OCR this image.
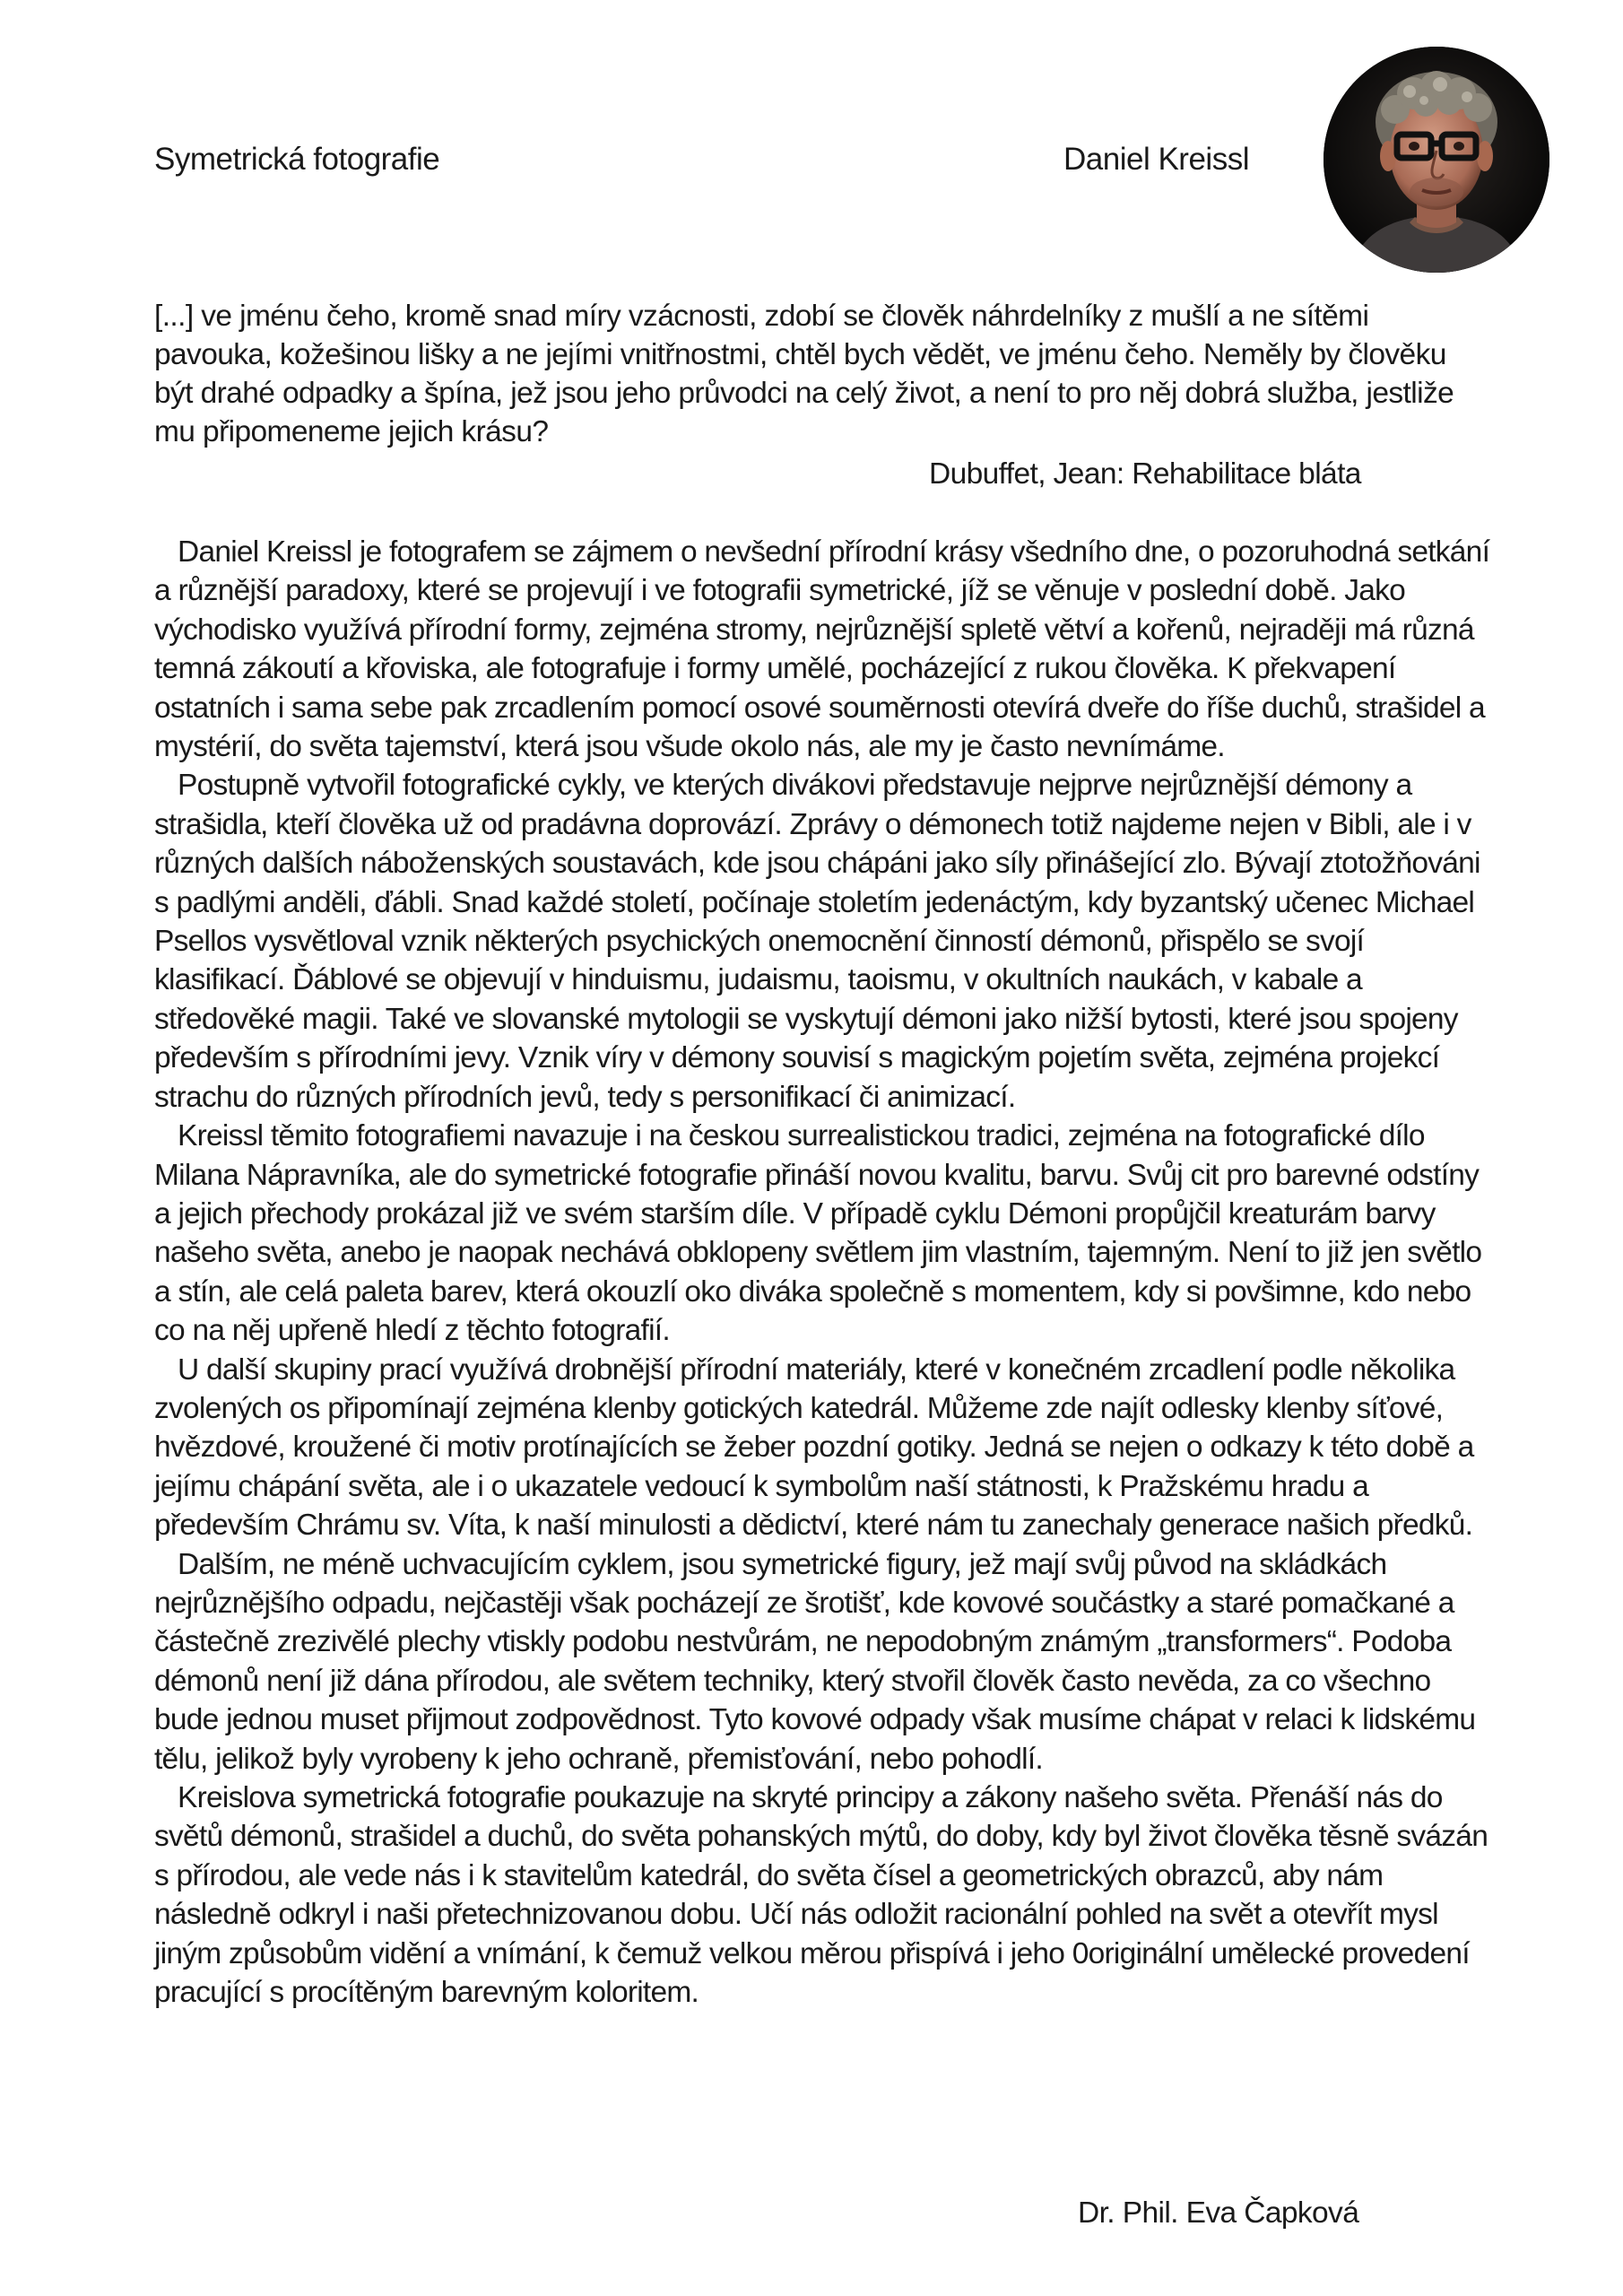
Symetrická fotografie	Daniel Kreissl

[...] ve jménu čeho, kromě snad míry vzácnosti, zdobí se člověk náhrdelníky z mušlí a ne sítěmi pavouka, kožešinou lišky a ne jejími vnitřnostmi, chtěl bych vědět, ve jménu čeho. Neměly by člověku být drahé odpadky a špína, jež jsou jeho průvodci na celý život, a není to pro něj dobrá služba, jestliže mu připomeneme jejich krásu?

Dubuffet, Jean: Rehabilitace bláta

Daniel Kreissl je fotografem se zájmem o nevšední přírodní krásy všedního dne, o pozoruhodná setkání a různější paradoxy, které se projevují i ve fotografii symetrické, jíž se věnuje v poslední době. Jako východisko využívá přírodní formy, zejména stromy, nejrůznější spletě větví a kořenů, nejraději má různá temná zákoutí a křoviska, ale fotografuje i formy umělé, pocházející z rukou člověka. K překvapení ostatních i sama sebe pak zrcadlením pomocí osové souměrnosti otevírá dveře do říše duchů, strašidel a mystérií, do světa tajemství, která jsou všude okolo nás, ale my je často nevnímáme.

Postupně vytvořil fotografické cykly, ve kterých divákovi představuje nejprve nejrůznější démony a strašidla, kteří člověka už od pradávna doprovází. Zprávy o démonech totiž najdeme nejen v Bibli, ale i v různých dalších náboženských soustavách, kde jsou chápáni jako síly přinášející zlo. Bývají ztotožňováni s padlými anděli, ďábli. Snad každé století, počínaje stoletím jedenáctým, kdy byzantský učenec Michael Psellos vysvětloval vznik některých psychických onemocnění činností démonů, přispělo se svojí klasifikací. Ďáblové se objevují v hinduismu, judaismu, taoismu, v okultních naukách, v kabale a středověké magii. Také ve slovanské mytologii se vyskytují démoni jako nižší bytosti, které jsou spojeny především s přírodními jevy. Vznik víry v démony souvisí s magickým pojetím světa, zejména projekcí strachu do různých přírodních jevů, tedy s personifikací či animizací.

Kreissl těmito fotografiemi navazuje i na českou surrealistickou tradici, zejména na fotografické dílo Milana Nápravníka, ale do symetrické fotografie přináší novou kvalitu, barvu. Svůj cit pro barevné odstíny a jejich přechody prokázal již ve svém starším díle. V případě cyklu Démoni propůjčil kreaturám barvy našeho světa, anebo je naopak nechává obklopeny světlem jim vlastním, tajemným. Není to již jen světlo a stín, ale celá paleta barev, která okouzlí oko diváka společně s momentem, kdy si povšimne, kdo nebo co na něj upřeně hledí z těchto fotografií.

U další skupiny prací využívá drobnější přírodní materiály, které v konečném zrcadlení podle několika zvolených os připomínají zejména klenby gotických katedrál. Můžeme zde najít odlesky klenby síťové, hvězdové, kroužené či motiv protínajících se žeber pozdní gotiky. Jedná se nejen o odkazy k této době a jejímu chápání světa, ale i o ukazatele vedoucí k symbolům naší státnosti, k Pražskému hradu a především Chrámu sv. Víta, k naší minulosti a dědictví, které nám tu zanechaly generace našich předků.

Dalším, ne méně uchvacujícím cyklem, jsou symetrické figury, jež mají svůj původ na skládkách nejrůznějšího odpadu, nejčastěji však pocházejí ze šrotišť, kde kovové součástky a staré pomačkané a částečně zrezivělé plechy vtiskly podobu nestvůrám, ne nepodobným známým „transformers“. Podoba démonů není již dána přírodou, ale světem techniky, který stvořil člověk často nevěda, za co všechno bude jednou muset přijmout zodpovědnost. Tyto kovové odpady však musíme chápat v relaci k lidskému tělu, jelikož byly vyrobeny k jeho ochraně, přemisťování, nebo pohodlí.

Kreislova symetrická fotografie poukazuje na skryté principy a zákony našeho světa. Přenáší nás do světů démonů, strašidel a duchů, do světa pohanských mýtů, do doby, kdy byl život člověka těsně svázán s přírodou, ale vede nás i k stavitelům katedrál, do světa čísel a geometrických obrazců, aby nám následně odkryl i naši přetechnizovanou dobu. Učí nás odložit racionální pohled na svět a otevřít mysl jiným způsobům vidění a vnímání, k čemuž velkou měrou přispívá i jeho 0originální umělecké provedení pracující s procítěným barevným koloritem.

Dr. Phil. Eva Čapková
